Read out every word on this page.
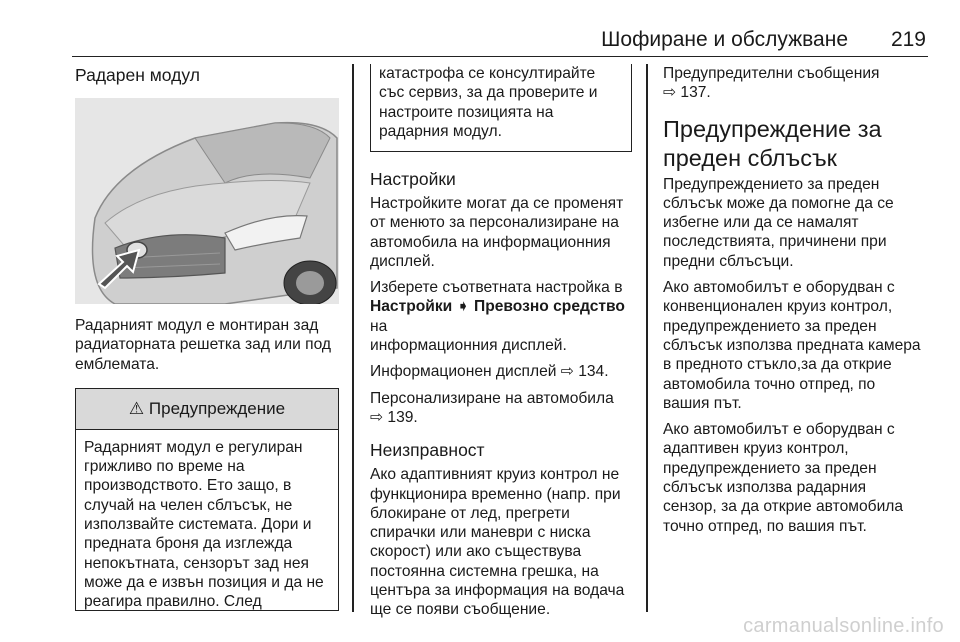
Шофиране и обслужване 219
Радарен модул

Радарният модул е монтиран зад

радиаторната решетка зад или под

емблемата.

⚠ Предупреждение

Радарният модул е регулиран

грижливо по време на

производството. Ето защо, в

случай на челен сблъсък, не

използвайте системата. Дори и

предната броня да изглежда

непокътната, сензорът зад нея

може да е извън позиция и да не

реагира правилно. След

катастрофа се консултирайте

със сервиз, за да проверите и

настроите позицията на

радарния модул.

Настройки

Настройките могат да се променят

от менюто за персонализиране на

автомобила на информационния

дисплей.

Изберете съответната настройка в

Настройки ➧ Превозно средство на

информационния дисплей.

Информационен дисплей ⇨ 134.

Персонализиране на автомобила

⇨ 139.

Неизправност

Ако адаптивният круиз контрол не

функционира временно (напр. при

блокиране от лед, прегрети

спирачки или маневри с ниска

скорост) или ако съществува

постоянна системна грешка, на

центъра за информация на водача

ще се появи съобщение.

Предупредителни съобщения

⇨ 137.

Предупреждение за
преден сблъсък

Предупреждението за преден

сблъсък може да помогне да се

избегне или да се намалят

последствията, причинени при

предни сблъсъци.

Ако автомобилът е оборудван с

конвенционален круиз контрол,

предупреждението за преден

сблъсък използва предната камера

в предното стъкло,за да открие

автомобила точно отпред, по

вашия път.

Ако автомобилът е оборудван с

адаптивен круиз контрол,

предупреждението за преден

сблъсък използва радарния

сензор, за да открие автомобила

точно отпред, по вашия път.

carmanualsonline.info
